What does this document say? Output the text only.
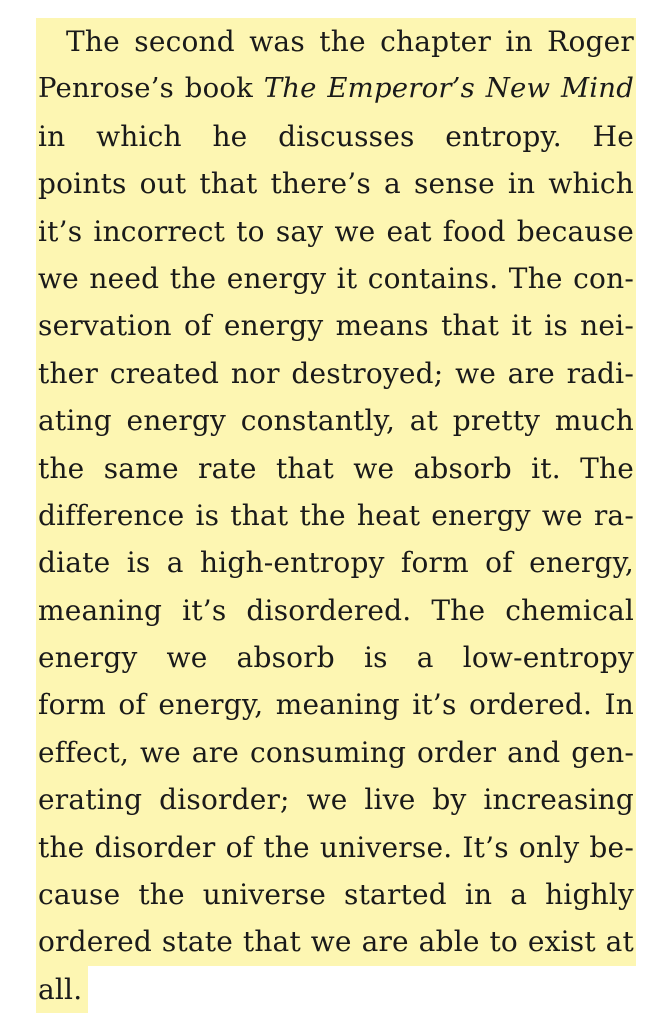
The second was the chapter in Roger
Penrose’s book The Emperor’s New Mind
in which he discusses entropy. He
points out that there’s a sense in which
it’s incorrect to say we eat food because
we need the energy it contains. The con-
servation of energy means that it is nei-
ther created nor destroyed; we are radi-
ating energy constantly, at pretty much
the same rate that we absorb it. The
difference is that the heat energy we ra-
diate is a high-entropy form of energy,
meaning it’s disordered. The chemical
energy we absorb is a low-entropy
form of energy, meaning it’s ordered. In
effect, we are consuming order and gen-
erating disorder; we live by increasing
the disorder of the universe. It’s only be-
cause the universe started in a highly
ordered state that we are able to exist at
all.
